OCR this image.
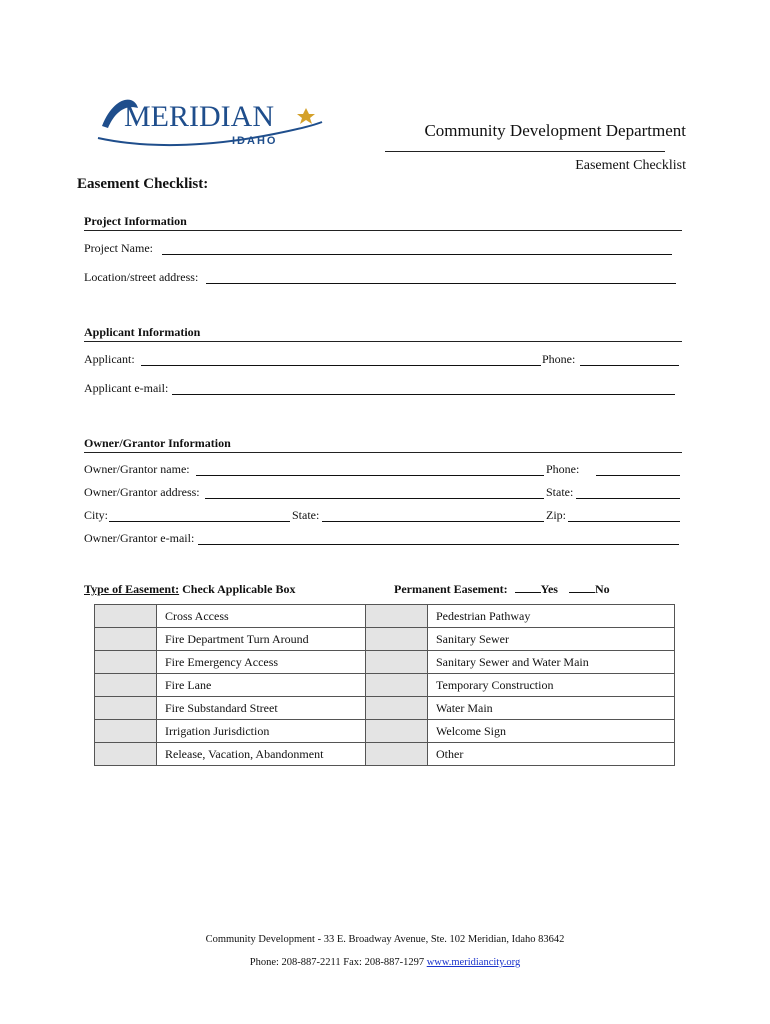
MERIDIAN
IDAHO
Community Development Department
Easement Checklist
Easement Checklist:
Project Information
Project Name:
Location/street address:
Applicant Information
Applicant:	Phone:
Applicant e-mail:
Owner/Grantor Information
Owner/Grantor name:	Phone:
Owner/Grantor address:	State:
City:	State:	Zip:
Owner/Grantor e-mail:
Type of Easement: Check Applicable Box	Permanent Easement:	Yes	No
	Cross Access		Pedestrian Pathway
	Fire Department Turn Around		Sanitary Sewer
	Fire Emergency Access		Sanitary Sewer and Water Main
	Fire Lane		Temporary Construction
	Fire Substandard Street		Water Main
	Irrigation Jurisdiction		Welcome Sign
	Release, Vacation, Abandonment		Other
Community Development - 33 E. Broadway Avenue, Ste. 102 Meridian, Idaho 83642
Phone: 208-887-2211 Fax: 208-887-1297 www.meridiancity.org
